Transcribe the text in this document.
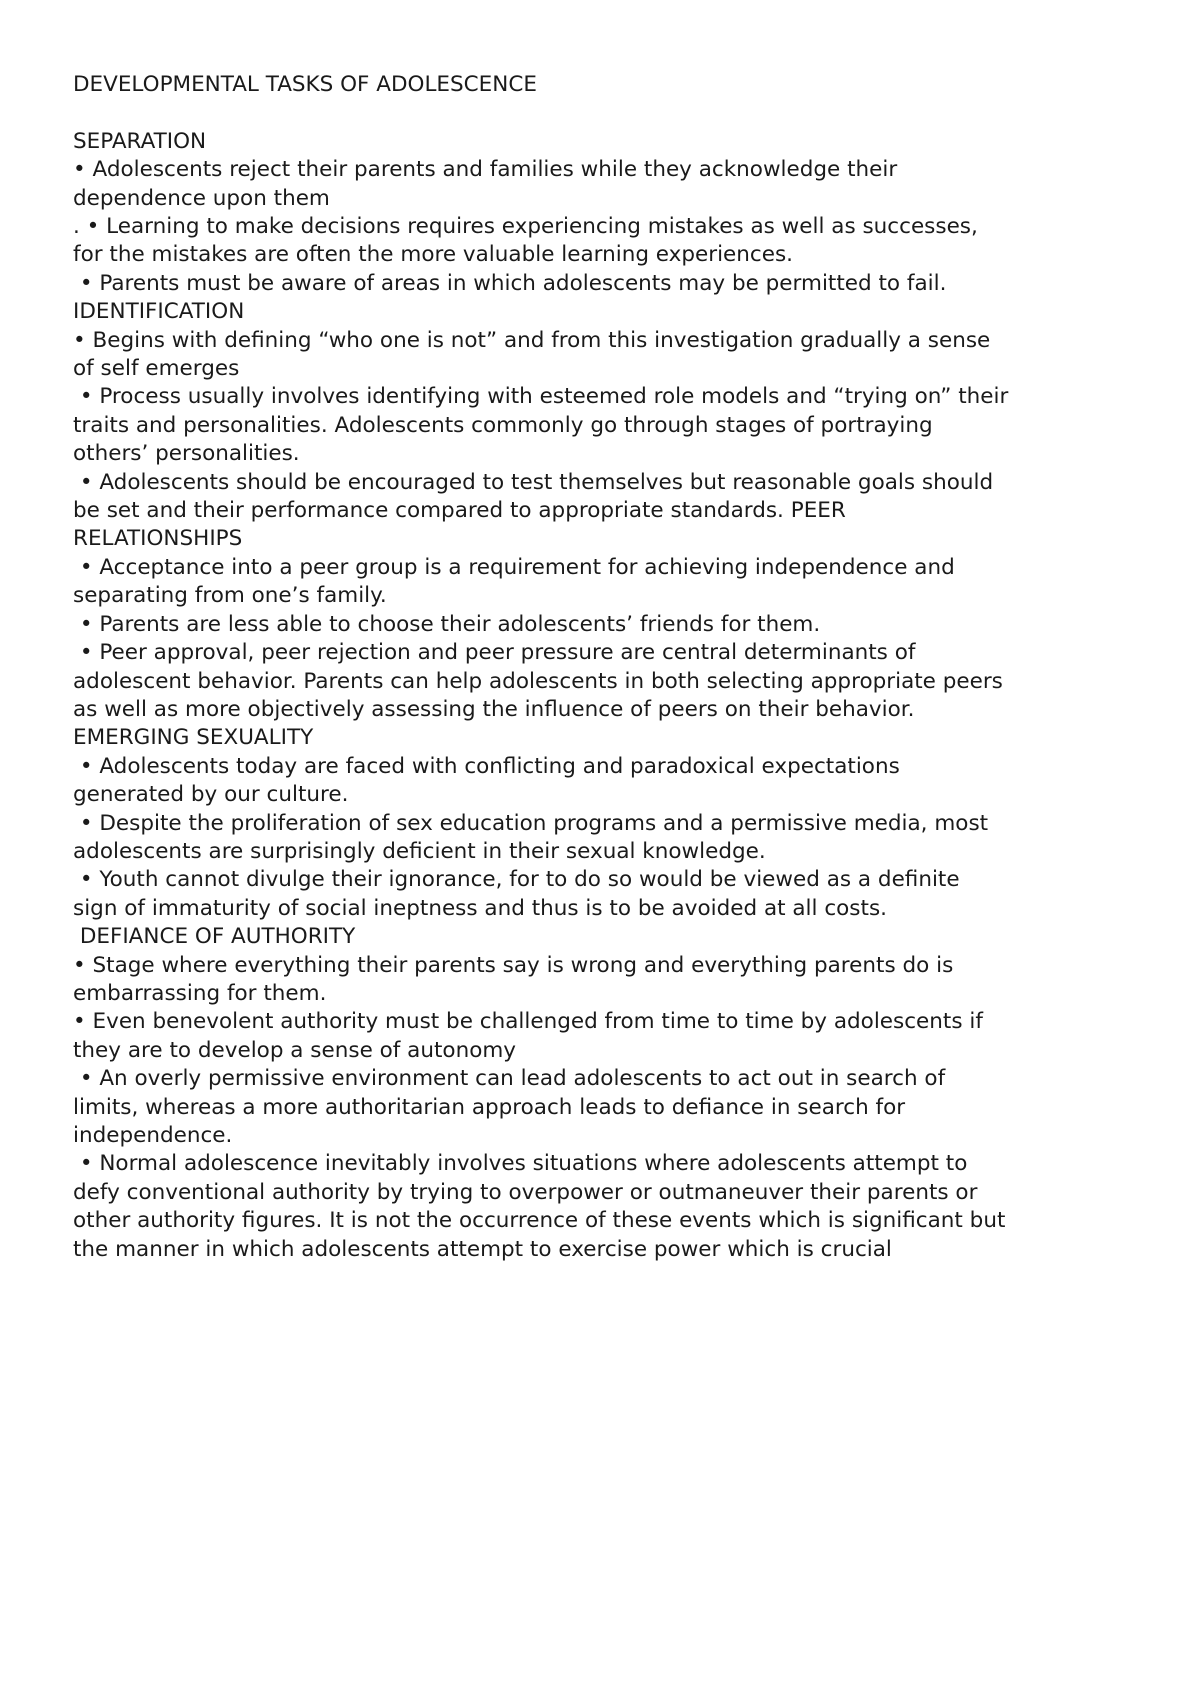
DEVELOPMENTAL TASKS OF ADOLESCENCE
SEPARATION
• Adolescents reject their parents and families while they acknowledge their
dependence upon them
. • Learning to make decisions requires experiencing mistakes as well as successes,
for the mistakes are often the more valuable learning experiences.
• Parents must be aware of areas in which adolescents may be permitted to fail.
IDENTIFICATION
• Begins with defining “who one is not” and from this investigation gradually a sense
of self emerges
• Process usually involves identifying with esteemed role models and “trying on” their
traits and personalities. Adolescents commonly go through stages of portraying
others’ personalities.
• Adolescents should be encouraged to test themselves but reasonable goals should
be set and their performance compared to appropriate standards. PEER
RELATIONSHIPS
• Acceptance into a peer group is a requirement for achieving independence and
separating from one’s family.
• Parents are less able to choose their adolescents’ friends for them.
• Peer approval, peer rejection and peer pressure are central determinants of
adolescent behavior. Parents can help adolescents in both selecting appropriate peers
as well as more objectively assessing the influence of peers on their behavior.
EMERGING SEXUALITY
• Adolescents today are faced with conflicting and paradoxical expectations
generated by our culture.
• Despite the proliferation of sex education programs and a permissive media, most
adolescents are surprisingly deficient in their sexual knowledge.
• Youth cannot divulge their ignorance, for to do so would be viewed as a definite
sign of immaturity of social ineptness and thus is to be avoided at all costs.
DEFIANCE OF AUTHORITY
• Stage where everything their parents say is wrong and everything parents do is
embarrassing for them.
• Even benevolent authority must be challenged from time to time by adolescents if
they are to develop a sense of autonomy
• An overly permissive environment can lead adolescents to act out in search of
limits, whereas a more authoritarian approach leads to defiance in search for
independence.
• Normal adolescence inevitably involves situations where adolescents attempt to
defy conventional authority by trying to overpower or outmaneuver their parents or
other authority figures. It is not the occurrence of these events which is significant but
the manner in which adolescents attempt to exercise power which is crucial
